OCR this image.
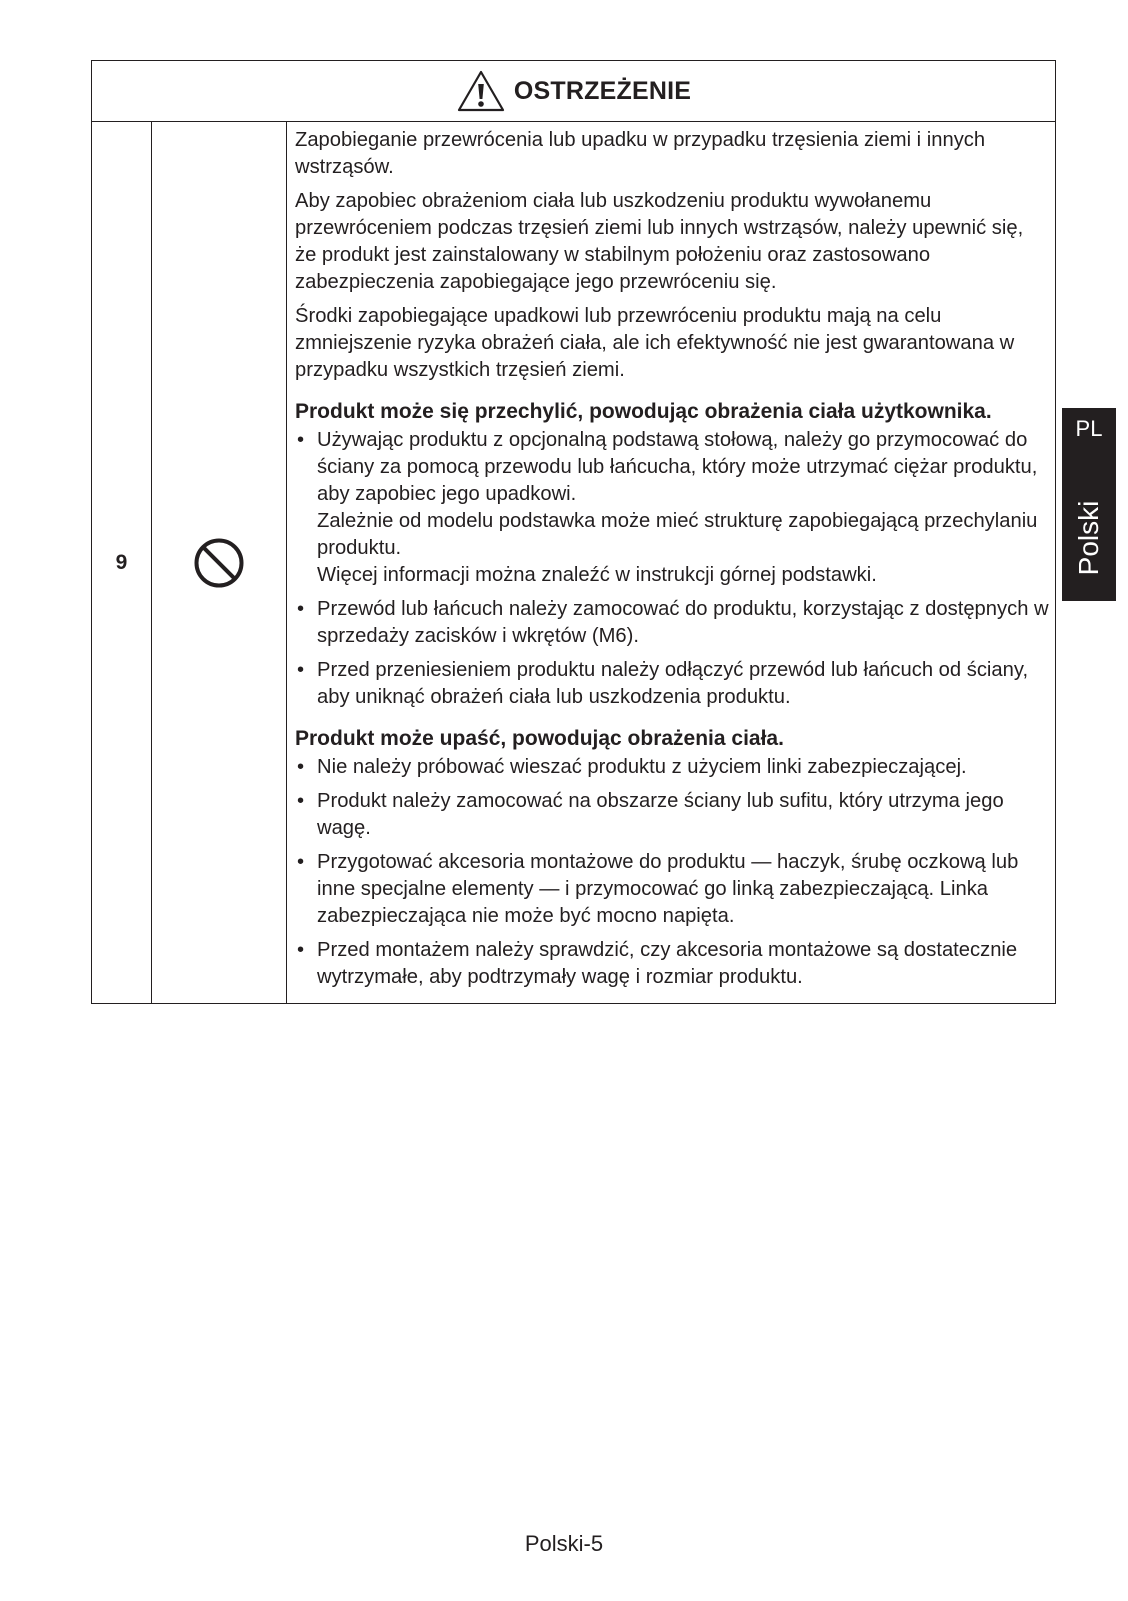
OSTRZEŻENIE
9

Zapobieganie przewrócenia lub upadku w przypadku trzęsienia ziemi i innych wstrząsów.

Aby zapobiec obrażeniom ciała lub uszkodzeniu produktu wywołanemu przewróceniem podczas trzęsień ziemi lub innych wstrząsów, należy upewnić się, że produkt jest zainstalowany w stabilnym położeniu oraz zastosowano zabezpieczenia zapobiegające jego przewróceniu się.

Środki zapobiegające upadkowi lub przewróceniu produktu mają na celu zmniejszenie ryzyka obrażeń ciała, ale ich efektywność nie jest gwarantowana w przypadku wszystkich trzęsień ziemi.

Produkt może się przechylić, powodując obrażenia ciała użytkownika.
• Używając produktu z opcjonalną podstawą stołową, należy go przymocować do ściany za pomocą przewodu lub łańcucha, który może utrzymać ciężar produktu, aby zapobiec jego upadkowi.
Zależnie od modelu podstawka może mieć strukturę zapobiegającą przechylaniu produktu.
Więcej informacji można znaleźć w instrukcji górnej podstawki.
• Przewód lub łańcuch należy zamocować do produktu, korzystając z dostępnych w sprzedaży zacisków i wkrętów (M6).
• Przed przeniesieniem produktu należy odłączyć przewód lub łańcuch od ściany, aby uniknąć obrażeń ciała lub uszkodzenia produktu.
Produkt może upaść, powodując obrażenia ciała.
• Nie należy próbować wieszać produktu z użyciem linki zabezpieczającej.
• Produkt należy zamocować na obszarze ściany lub sufitu, który utrzyma jego wagę.
• Przygotować akcesoria montażowe do produktu — haczyk, śrubę oczkową lub inne specjalne elementy — i przymocować go linką zabezpieczającą. Linka zabezpieczająca nie może być mocno napięta.
• Przed montażem należy sprawdzić, czy akcesoria montażowe są dostatecznie wytrzymałe, aby podtrzymały wagę i rozmiar produktu.
PL
Polski
Polski-5
